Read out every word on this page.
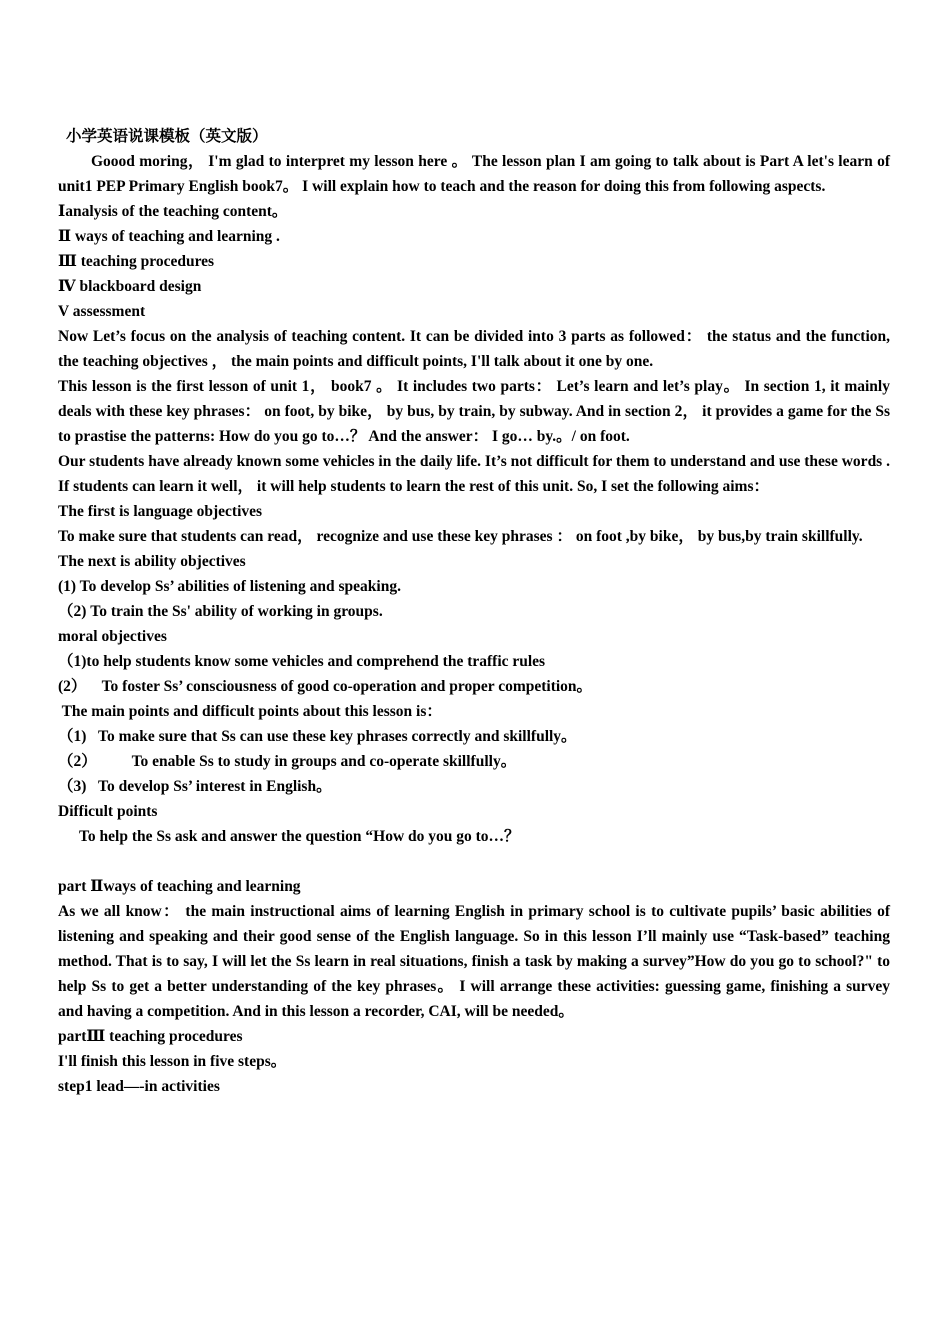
小学英语说课模板（英文版）

Goood moring， I'm glad to interpret my lesson here 。 The lesson plan I am going to talk about is Part A let's learn of unit1 PEP Primary English book7。 I will explain how to teach and the reason for doing this from following aspects.

Ⅰanalysis of the teaching content。

Ⅱ ways of teaching and learning .

Ⅲ teaching procedures

Ⅳ blackboard design

V assessment

Now Let’s focus on the analysis of teaching content. It can be divided into 3 parts as followed： the status and the function, the teaching objectives ， the main points and difficult points, I'll talk about it one by one.

This lesson is the first lesson of unit 1， book7 。 It includes two parts： Let’s learn and let’s play。 In section 1, it mainly deals with these key phrases： on foot, by bike， by bus, by train, by subway. And in section 2， it provides a game for the Ss to prastise the patterns: How do you go to…？ And the answer： I go… by.。/ on foot.

Our students have already known some vehicles in the daily life. It’s not difficult for them to understand and use these words . If students can learn it well， it will help students to learn the rest of this unit. So, I set the following aims：

The first is language objectives

To make sure that students can read， recognize and use these key phrases ： on foot ,by bike， by bus,by train skillfully.

The next is ability objectives

(1) To develop Ss’ abilities of listening and speaking.

（2) To train the Ss' ability of working in groups.

moral objectives

（1)to help students know some vehicles and comprehend the traffic rules

(2）    To foster Ss’ consciousness of good co-operation and proper competition。

The main points and difficult points about this lesson is：

（1)   To make sure that Ss can use these key phrases correctly and skillfully。

（2）         To enable Ss to study in groups and co-operate skillfully。

（3)   To develop Ss’ interest in English。

Difficult points

To help the Ss ask and answer the question “How do you go to…？

part Ⅱways of teaching and learning

As we all know： the main instructional aims of learning English in primary school is to cultivate pupils’ basic abilities of listening and speaking and their good sense of the English language. So in this lesson I’ll mainly use “Task-based” teaching method. That is to say, I will let the Ss learn in real situations, finish a task by making a survey”How do you go to school?" to help Ss to get a better understanding of the key phrases。 I will arrange these activities: guessing game, finishing a survey and having a competition. And in this lesson a recorder, CAI, will be needed。

partⅢ teaching procedures

I'll finish this lesson in five steps。

step1 lead—-in activities
